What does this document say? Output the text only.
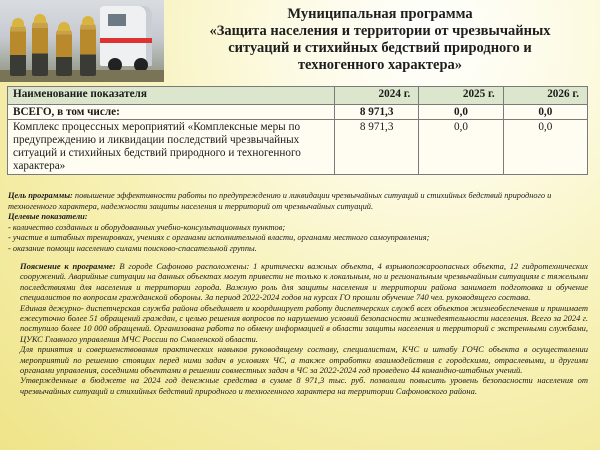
Муниципальная программа
«Защита населения и территории от чрезвычайных
ситуаций и стихийных бедствий природного и
техногенного характера»
Наименование показателя	2024 г.	2025 г.	2026 г.
ВСЕГО, в том числе:	8 971,3	0,0	0,0
Комплекс процессных мероприятий «Комплексные меры по предупреждению и ликвидации последствий чрезвычайных ситуаций и стихийных бедствий природного и техногенного характера»	8 971,3	0,0	0,0
Цель программы: повышение эффективности работы по предупреждению и ликвидации чрезвычайных ситуаций и стихийных бедствий природного и техногенного характера, надежности защиты населения и территорий от чрезвычайных ситуаций.
Целевые показатели:
- количество созданных и оборудованных учебно-консультационных пунктов;
- участие в штабных тренировках, учениях с органами исполнительной власти, органами местного самоуправления;
- оказание помощи населению силами поисково-спасательной группы.

Пояснение к программе: В городе Сафоново расположены: 1 критически важных объекта, 4 взрывопожароопасных объекта, 12 гидротехнических сооружений. Аварийные ситуации на данных объектах могут привести не только к локальным, но и региональным чрезвычайным ситуациям с тяжелыми последствиями для населения и территории города. Важную роль для защиты населения и территории района занимает подготовка и обучение специалистов по вопросам гражданской обороны. За период 2022-2024 годов на курсах ГО прошли обучение 740 чел. руководящего состава.

Единая дежурно- диспетчерская служба района объединяет и координирует работу диспетчерских служб всех объектов жизнеобеспечения и принимает ежесуточно более 51 обращений граждан, с целью решения вопросов по нарушению условий безопасности жизнедеятельности населения. Всего за 2024 г. поступило более 10 000 обращений. Организована работа по обмену информацией в области защиты населения и территорий с экстренными службами, ЦУКС Главного управления МЧС России по Смоленской области.

Для принятия и совершенствования практических навыков руководящему составу, специалистам, КЧС и штабу ГОЧС объекта в осуществлении мероприятий по решению стоящих перед ними задач в условиях ЧС, а также отработки взаимодействия с городскими, отраслевыми, и другими органами управления, соседними объектами в решении совместных задач в ЧС за 2022-2024 год проведено 44 командно-штабных учений.

Утвержденные в бюджете на 2024 год денежные средства в сумме 8 971,3 тыс. руб. позволили повысить уровень безопасности населения от чрезвычайных ситуаций и стихийных бедствий природного и техногенного характера на территории Сафоновского района.
